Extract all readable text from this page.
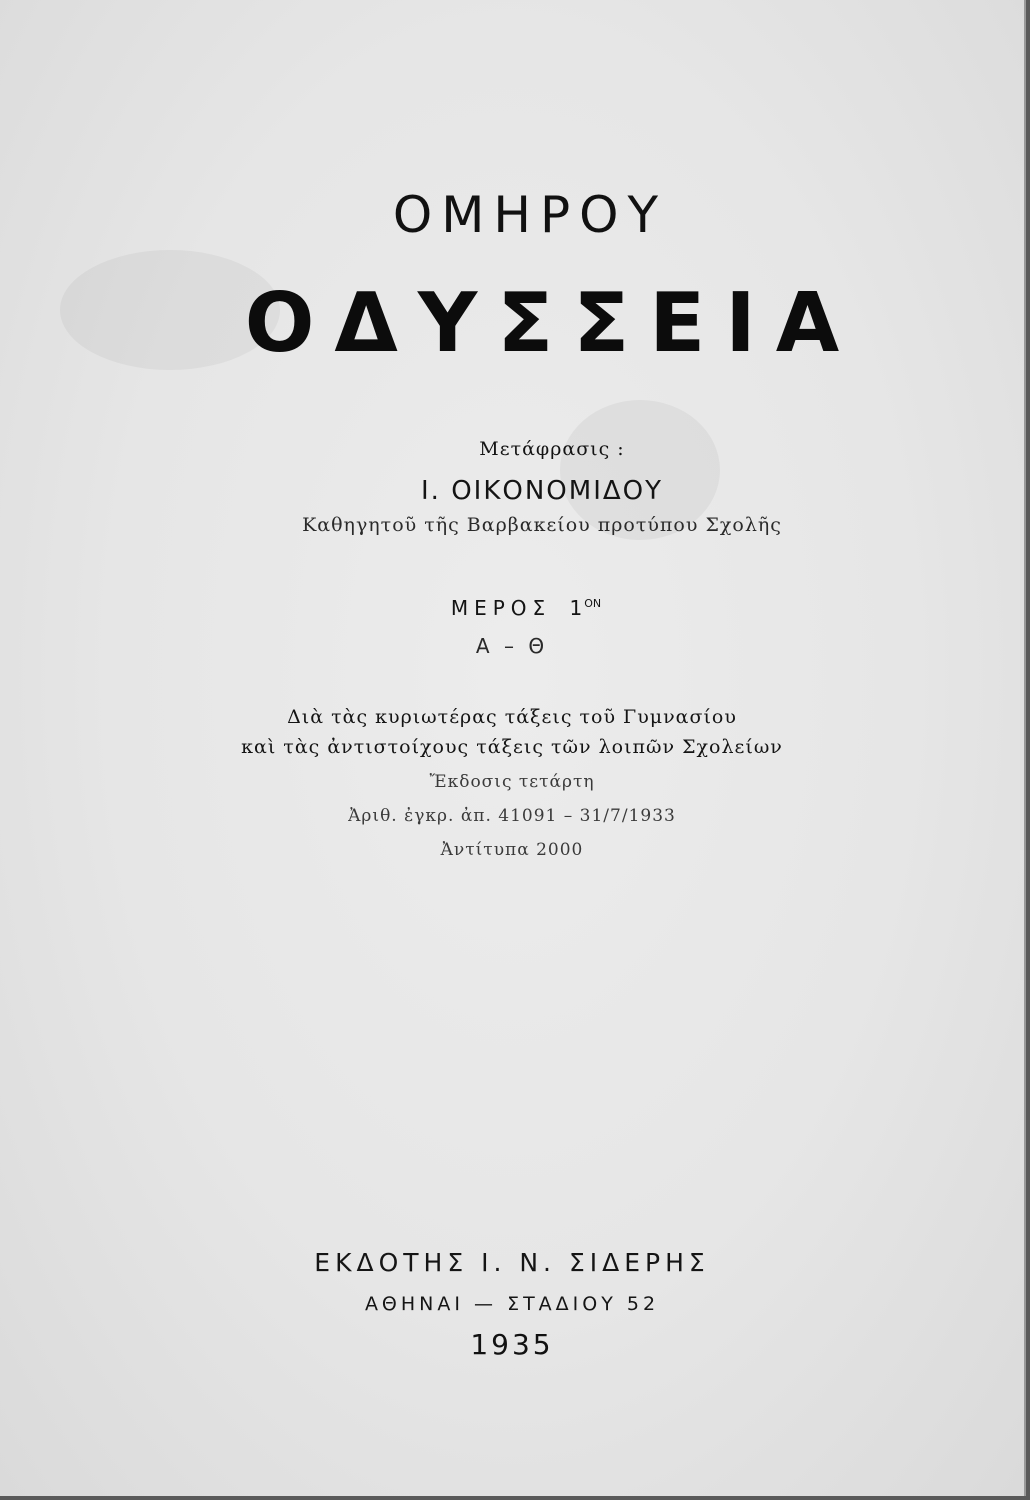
ΟΜΗΡΟΥ
ΟΔΥΣΣΕΙΑ
Μετάφρασις :
Ι. ΟΙΚΟΝΟΜΙΔΟΥ
Καθηγητοῦ τῆς Βαρβακείου προτύπου Σχολῆς
ΜΕΡΟΣ 1 $^{ON}$
Α – Θ
Διὰ τὰς κυριωτέρας τάξεις τοῦ Γυμνασίου
καὶ τὰς ἀντιστοίχους τάξεις τῶν λοιπῶν Σχολείων
Ἔκδοσις τετάρτη
Ἀριθ. ἐγκρ. ἀπ. 41091 – 31/7/1933
Ἀντίτυπα 2000
ΕΚΔΟΤΗΣ Ι. Ν. ΣΙΔΕΡΗΣ
ΑΘΗΝΑΙ — ΣΤΑΔΙΟΥ 52
1935
